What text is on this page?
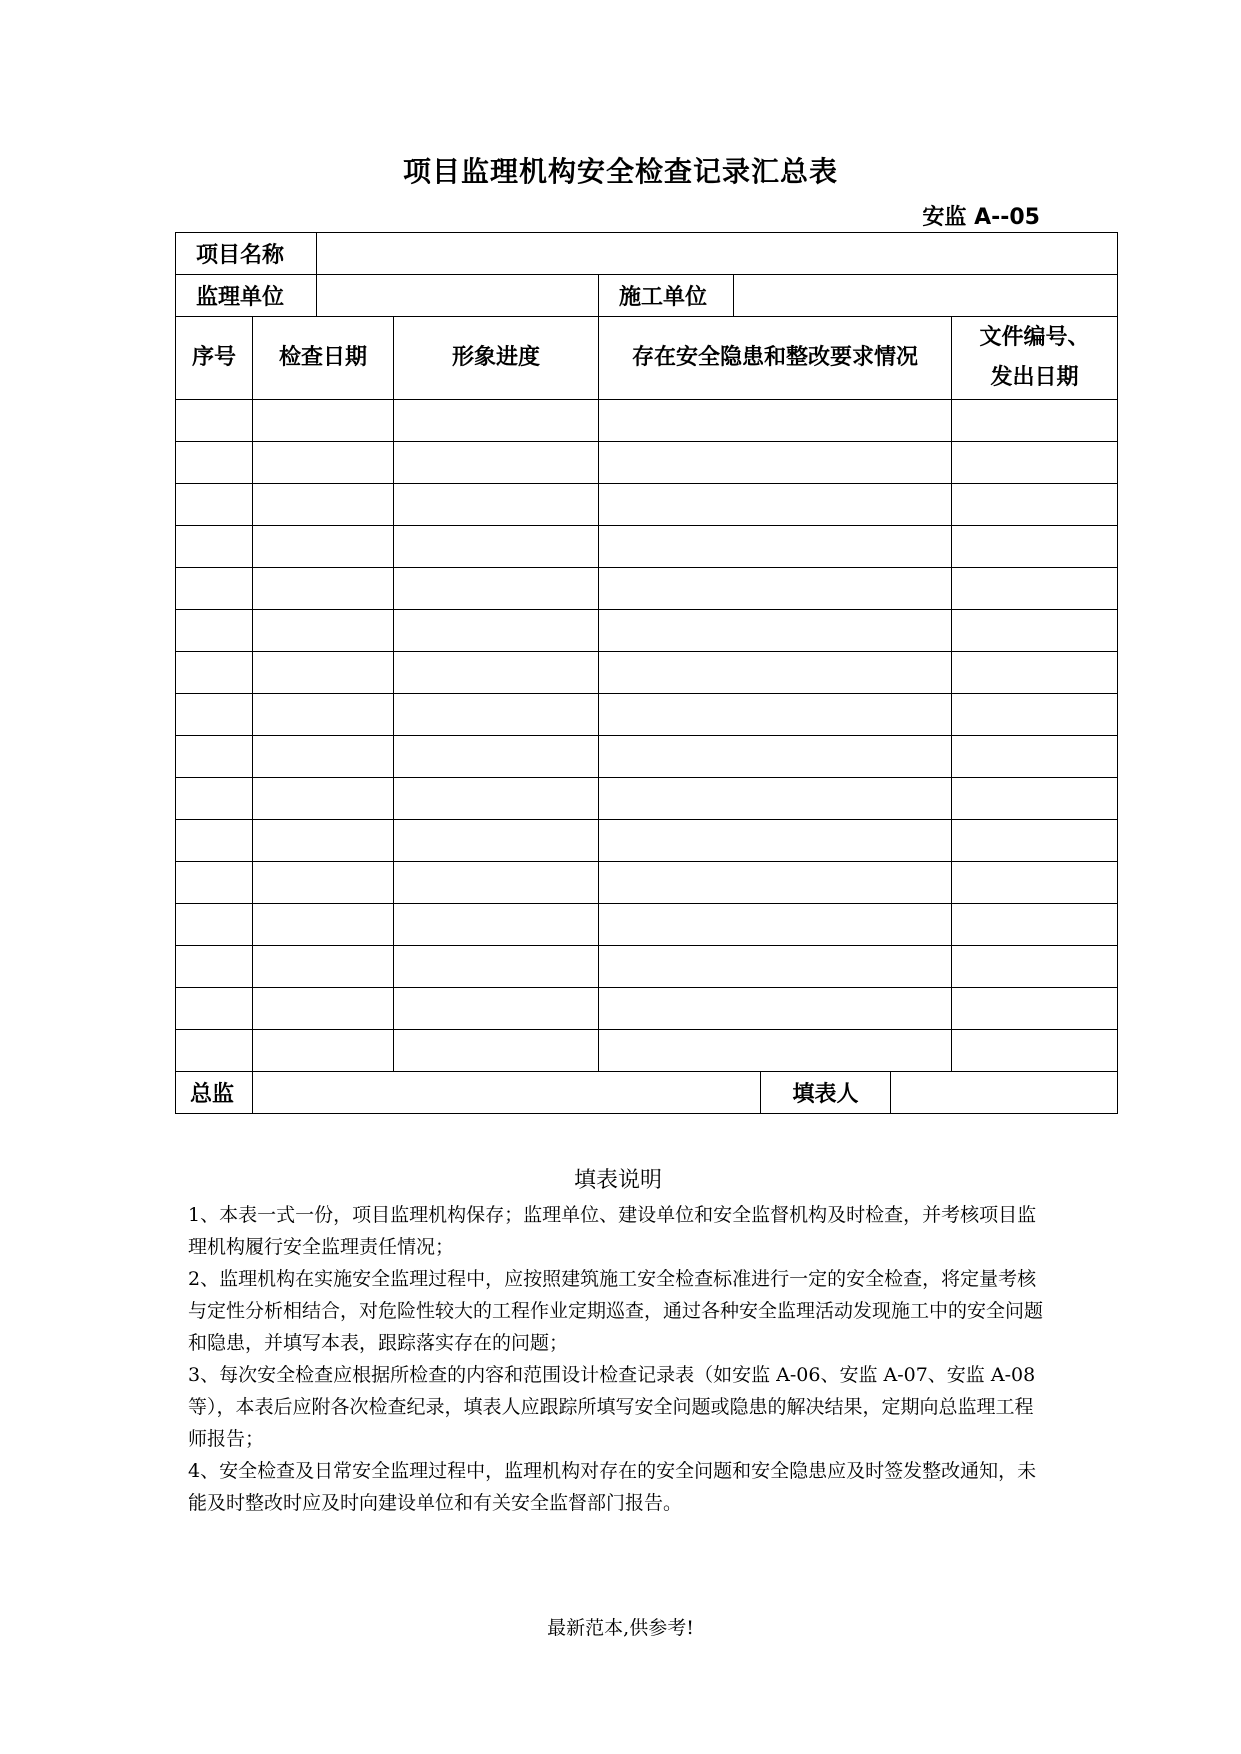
项目监理机构安全检查记录汇总表
安监 A--05
项目名称								
监理单位				施工单位				
序号	检查日期		形象进度	存在安全隐患和整改要求情况				文件编号、
发出日期

总监						填表人		
填表说明

1、本表一式一份，项目监理机构保存；监理单位、建设单位和安全监督机构及时检查，并考核项目监理机构履行安全监理责任情况；

2、监理机构在实施安全监理过程中，应按照建筑施工安全检查标准进行一定的安全检查，将定量考核与定性分析相结合，对危险性较大的工程作业定期巡查，通过各种安全监理活动发现施工中的安全问题和隐患，并填写本表，跟踪落实存在的问题；

3、每次安全检查应根据所检查的内容和范围设计检查记录表（如安监 A-06、安监 A-07、安监 A-08 等），本表后应附各次检查纪录，填表人应跟踪所填写安全问题或隐患的解决结果，定期向总监理工程师报告；

4、安全检查及日常安全监理过程中，监理机构对存在的安全问题和安全隐患应及时签发整改通知，未能及时整改时应及时向建设单位和有关安全监督部门报告。

最新范本,供参考!
